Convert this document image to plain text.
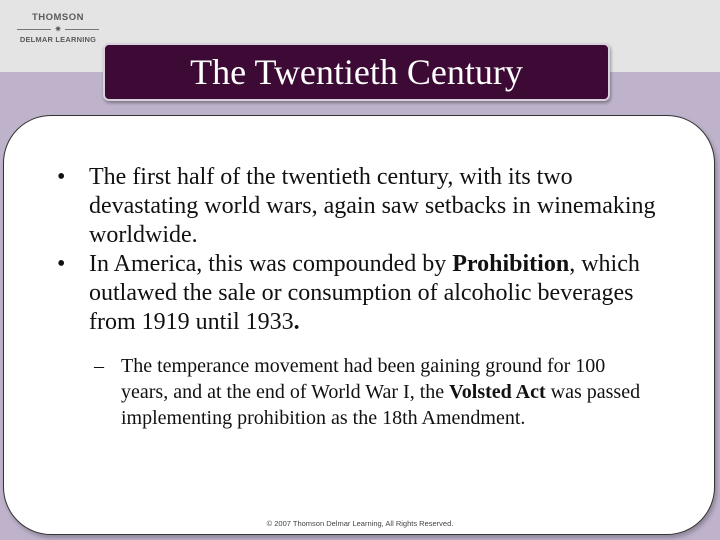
THOMSON
✷
DELMAR LEARNING
The Twentieth Century
• The first half of the twentieth century, with its two devastating world wars, again saw setbacks in winemaking worldwide.
• In America, this was compounded by Prohibition, which outlawed the sale or consumption of alcoholic beverages from 1919 until 1933.
– The temperance movement had been gaining ground for 100 years, and at the end of World War I, the Volsted Act was passed implementing prohibition as the 18th Amendment.
© 2007 Thomson Delmar Learning, All Rights Reserved.
